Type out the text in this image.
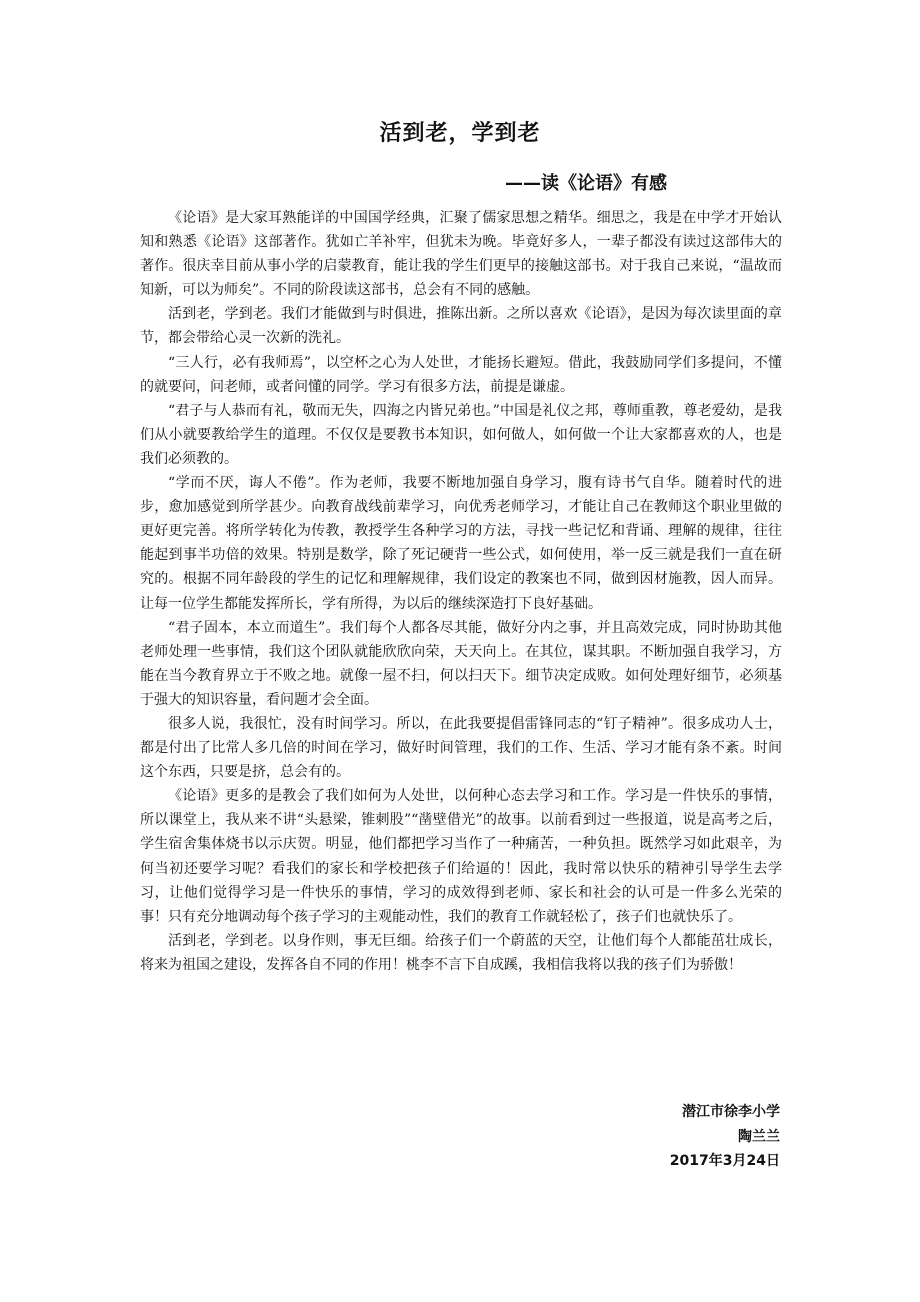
活到老，学到老
——读《论语》有感

《论语》是大家耳熟能详的中国国学经典，汇聚了儒家思想之精华。细思之，我是在中学才开始认知和熟悉《论语》这部著作。犹如亡羊补牢，但犹未为晚。毕竟好多人，一辈子都没有读过这部伟大的著作。很庆幸目前从事小学的启蒙教育，能让我的学生们更早的接触这部书。对于我自己来说，“温故而知新，可以为师矣”。不同的阶段读这部书，总会有不同的感触。

活到老，学到老。我们才能做到与时俱进，推陈出新。之所以喜欢《论语》，是因为每次读里面的章节，都会带给心灵一次新的洗礼。

“三人行，必有我师焉”，以空杯之心为人处世，才能扬长避短。借此，我鼓励同学们多提问，不懂的就要问，问老师，或者问懂的同学。学习有很多方法，前提是谦虚。

“君子与人恭而有礼，敬而无失，四海之内皆兄弟也。”中国是礼仪之邦，尊师重教，尊老爱幼，是我们从小就要教给学生的道理。不仅仅是要教书本知识，如何做人，如何做一个让大家都喜欢的人，也是我们必须教的。

“学而不厌，诲人不倦”。作为老师，我要不断地加强自身学习，腹有诗书气自华。随着时代的进步，愈加感觉到所学甚少。向教育战线前辈学习，向优秀老师学习，才能让自己在教师这个职业里做的更好更完善。将所学转化为传教，教授学生各种学习的方法，寻找一些记忆和背诵、理解的规律，往往能起到事半功倍的效果。特别是数学，除了死记硬背一些公式，如何使用，举一反三就是我们一直在研究的。根据不同年龄段的学生的记忆和理解规律，我们设定的教案也不同，做到因材施教，因人而异。让每一位学生都能发挥所长，学有所得，为以后的继续深造打下良好基础。

“君子固本，本立而道生”。我们每个人都各尽其能，做好分内之事，并且高效完成，同时协助其他老师处理一些事情，我们这个团队就能欣欣向荣，天天向上。在其位，谋其职。不断加强自我学习，方能在当今教育界立于不败之地。就像一屋不扫，何以扫天下。细节决定成败。如何处理好细节，必须基于强大的知识容量，看问题才会全面。

很多人说，我很忙，没有时间学习。所以，在此我要提倡雷锋同志的“钉子精神”。很多成功人士，都是付出了比常人多几倍的时间在学习，做好时间管理，我们的工作、生活、学习才能有条不紊。时间这个东西，只要是挤，总会有的。

《论语》更多的是教会了我们如何为人处世，以何种心态去学习和工作。学习是一件快乐的事情，所以课堂上，我从来不讲“头悬梁，锥刺股”“凿壁借光”的故事。以前看到过一些报道，说是高考之后，学生宿舍集体烧书以示庆贺。明显，他们都把学习当作了一种痛苦，一种负担。既然学习如此艰辛，为何当初还要学习呢？看我们的家长和学校把孩子们给逼的！因此，我时常以快乐的精神引导学生去学习，让他们觉得学习是一件快乐的事情，学习的成效得到老师、家长和社会的认可是一件多么光荣的事！只有充分地调动每个孩子学习的主观能动性，我们的教育工作就轻松了，孩子们也就快乐了。

活到老，学到老。以身作则，事无巨细。给孩子们一个蔚蓝的天空，让他们每个人都能茁壮成长，将来为祖国之建设，发挥各自不同的作用！桃李不言下自成蹊，我相信我将以我的孩子们为骄傲！

潜江市徐李小学
陶兰兰
2017年3月24日
